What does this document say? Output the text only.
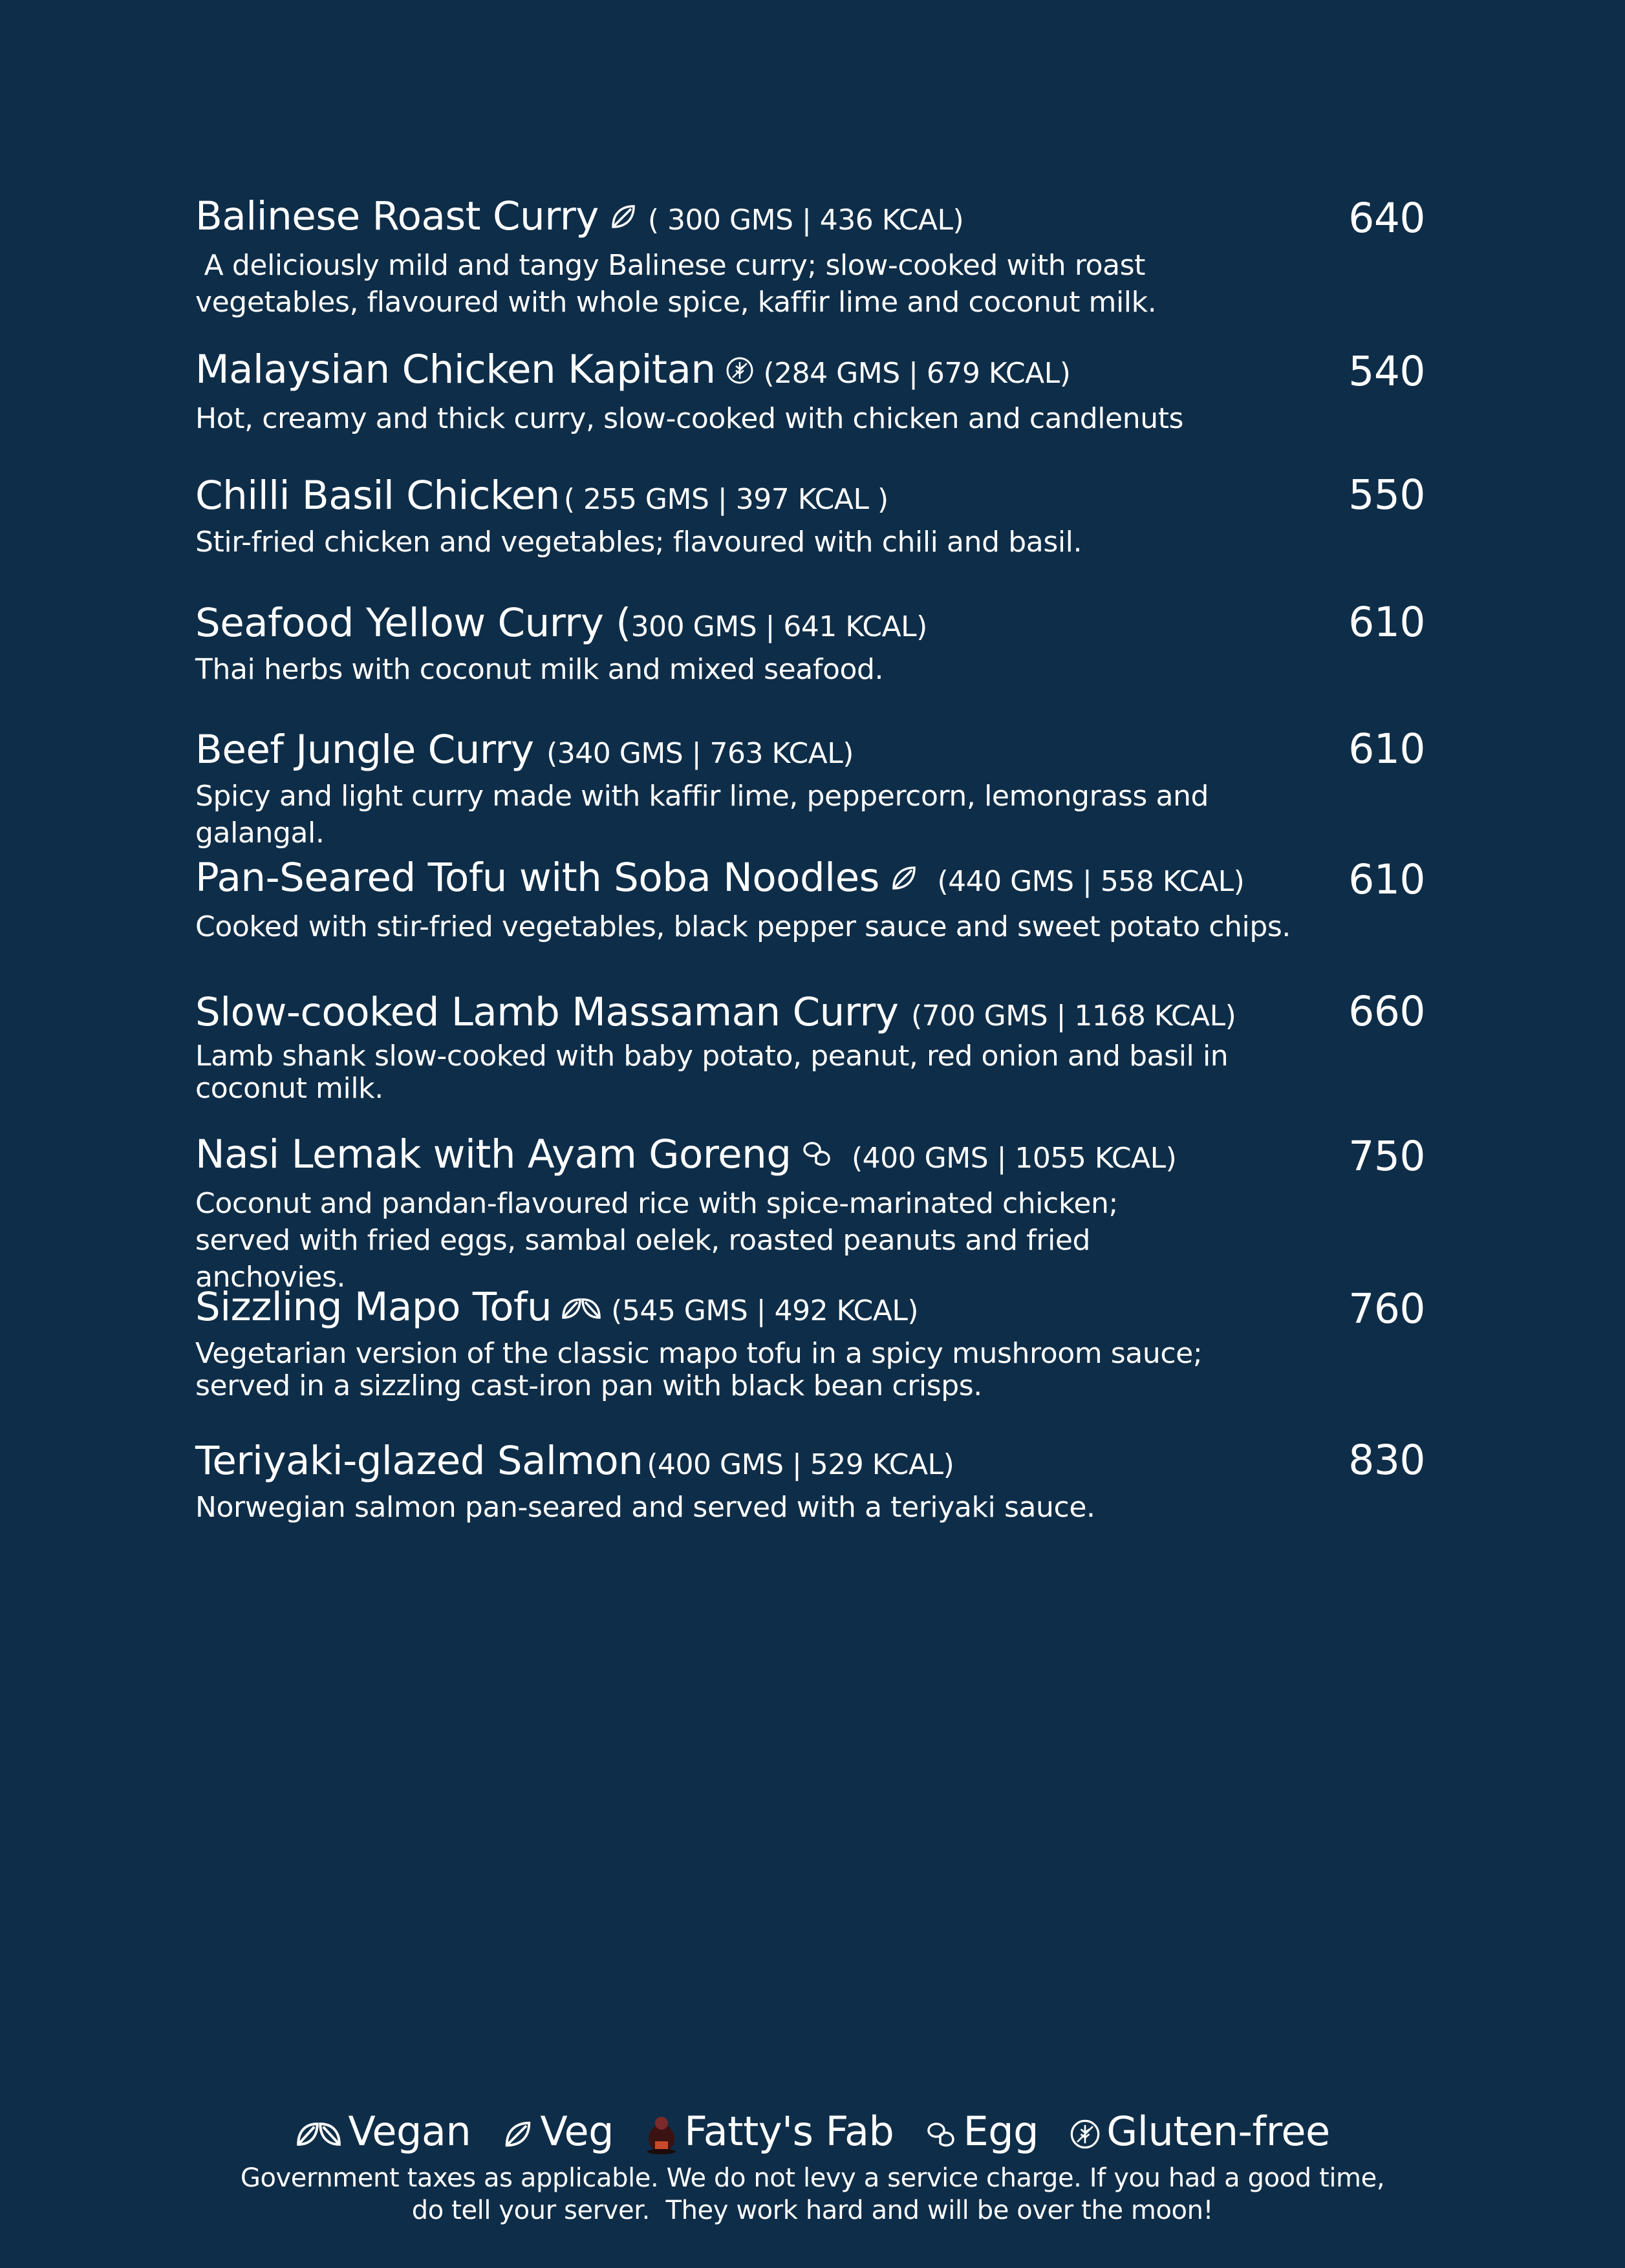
Balinese Roast Curry ( 300 GMS | 436 KCAL)	640
A deliciously mild and tangy Balinese curry; slow-cooked with roast vegetables, flavoured with whole spice, kaffir lime and coconut milk.
Malaysian Chicken Kapitan (284 GMS | 679 KCAL)	540
Hot, creamy and thick curry, slow-cooked with chicken and candlenuts
Chilli Basil Chicken ( 255 GMS | 397 KCAL )	550
Stir-fried chicken and vegetables; flavoured with chili and basil.
Seafood Yellow Curry (300 GMS | 641 KCAL)	610
Thai herbs with coconut milk and mixed seafood.
Beef Jungle Curry (340 GMS | 763 KCAL)	610
Spicy and light curry made with kaffir lime, peppercorn, lemongrass and galangal.
Pan-Seared Tofu with Soba Noodles (440 GMS | 558 KCAL)	610
Cooked with stir-fried vegetables, black pepper sauce and sweet potato chips.
Slow-cooked Lamb Massaman Curry (700 GMS | 1168 KCAL)	660
Lamb shank slow-cooked with baby potato, peanut, red onion and basil in coconut milk.
Nasi Lemak with Ayam Goreng (400 GMS | 1055 KCAL)	750
Coconut and pandan-flavoured rice with spice-marinated chicken; served with fried eggs, sambal oelek, roasted peanuts and fried anchovies.
Sizzling Mapo Tofu (545 GMS | 492 KCAL)	760
Vegetarian version of the classic mapo tofu in a spicy mushroom sauce; served in a sizzling cast-iron pan with black bean crisps.
Teriyaki-glazed Salmon (400 GMS | 529 KCAL)	830
Norwegian salmon pan-seared and served with a teriyaki sauce.
Vegan Veg Fatty's Fab Egg Gluten-free
Government taxes as applicable. We do not levy a service charge. If you had a good time, do tell your server.  They work hard and will be over the moon!
